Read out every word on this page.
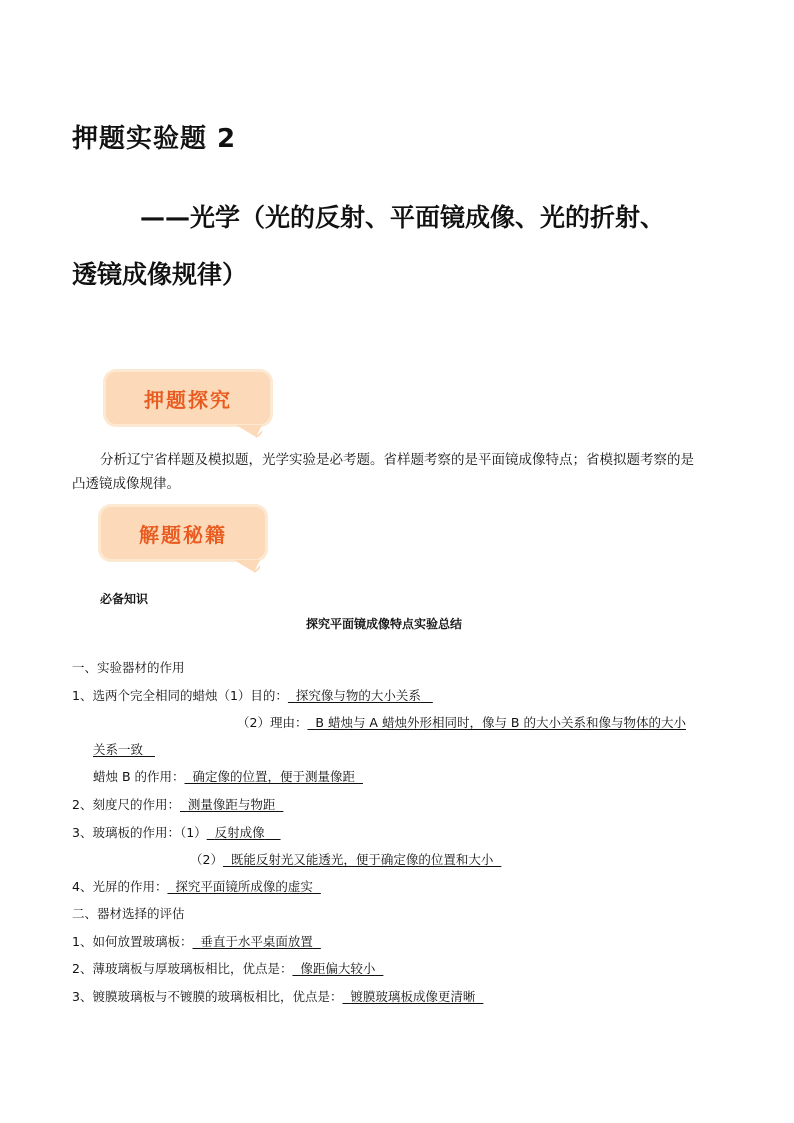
押题实验题 2
——光学（光的反射、平面镜成像、光的折射、
透镜成像规律）
押题探究
分析辽宁省样题及模拟题，光学实验是必考题。省样题考察的是平面镜成像特点；省模拟题考察的是
凸透镜成像规律。
解题秘籍
必备知识
探究平面镜成像特点实验总结
一、实验器材的作用
1、选两个完全相同的蜡烛（1）目的： 探究像与物的大小关系
（2）理由： B 蜡烛与 A 蜡烛外形相同时，像与 B 的大小关系和像与物体的大小
关系一致
蜡烛 B 的作用： 确定像的位置，便于测量像距
2、刻度尺的作用： 测量像距与物距
3、玻璃板的作用：（1） 反射成像
（2） 既能反射光又能透光，便于确定像的位置和大小
4、光屏的作用： 探究平面镜所成像的虚实
二、器材选择的评估
1、如何放置玻璃板： 垂直于水平桌面放置
2、薄玻璃板与厚玻璃板相比，优点是： 像距偏大较小
3、镀膜玻璃板与不镀膜的玻璃板相比，优点是： 镀膜玻璃板成像更清晰
